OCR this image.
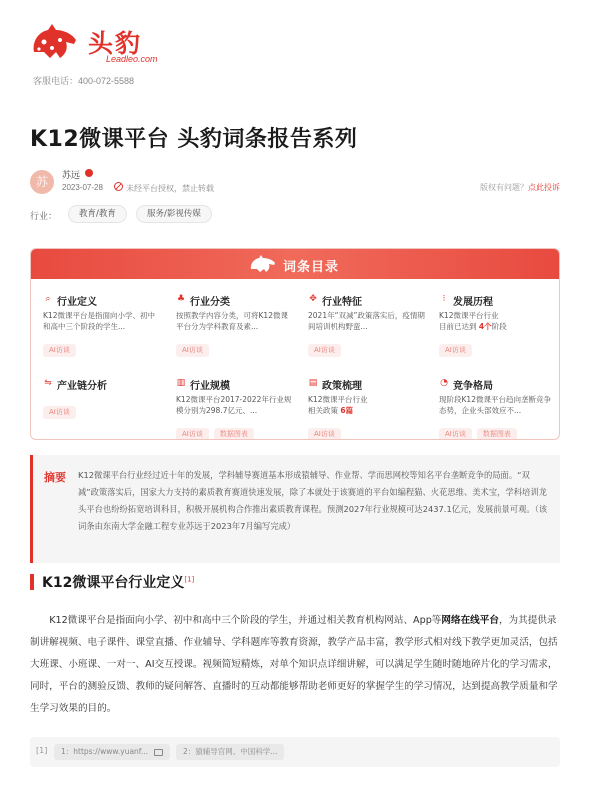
头豹
Leadleo.com
客服电话：400-072-5588
K12微课平台 头豹词条报告系列
苏	苏远
2023-07-28	未经平台授权，禁止转载	版权有问题？点此投诉
行业：	教育/教育	服务/影视传媒
词条目录
⌕ $^{行业定义}$
K12微课平台是指面向小学、初中和高中三个阶段的学生...
AI访谈
♣ $^{行业分类}$
按照教学内容分类，可将K12微课平台分为学科教育及素...
AI访谈
✥ $^{行业特征}$
2021年“双减”政策落实后，疫情期间培训机构野蛮...
AI访谈
⁝ $^{发展历程}$
K12微课平台行业
目前已达到 4个阶段
AI访谈
⇋ $^{产业链分析}$
AI访谈
▥ $^{行业规模}$
K12微课平台2017-2022年行业规模分别为298.7亿元、...
AI访谈 数据图表
▤ $^{政策梳理}$
K12微课平台行业
相关政策 6篇
AI访谈
◔ $^{竞争格局}$
现阶段K12微课平台趋向垄断竞争态势，企业头部效应不...
AI访谈 数据图表
摘要 K12微课平台行业经过近十年的发展，学科辅导赛道基本形成猿辅导、作业帮、学而思网校等知名平台垄断竞争的局面。“双减”政策落实后，国家大力支持的素质教育赛道快速发展，除了本就处于该赛道的平台如编程猫、火花思维、美术宝，学科培训龙头平台也纷纷拓宽培训科目，积极开展机构合作推出素质教育课程。预测2027年行业规模可达2437.1亿元，发展前景可观。（该词条由东南大学金融工程专业苏远于2023年7月编写完成）
K12微课平台行业定义[1]

K12微课平台是指面向小学、初中和高中三个阶段的学生，并通过相关教育机构网站、App等网络在线平台，为其提供录制讲解视频、电子课件、课堂直播、作业辅导、学科题库等教育资源，教学产品丰富，教学形式相对线下教学更加灵活，包括大班课、小班课、一对一、AI交互授课。视频简短精炼，对单个知识点详细讲解，可以满足学生随时随地碎片化的学习需求，同时，平台的测验反馈、教师的疑问解答、直播时的互动都能够帮助老师更好的掌握学生的学习情况，达到提高教学质量和学生学习效果的目的。

[1]	1：https://www.yuanf...	2：猿辅导官网、中国科学...
